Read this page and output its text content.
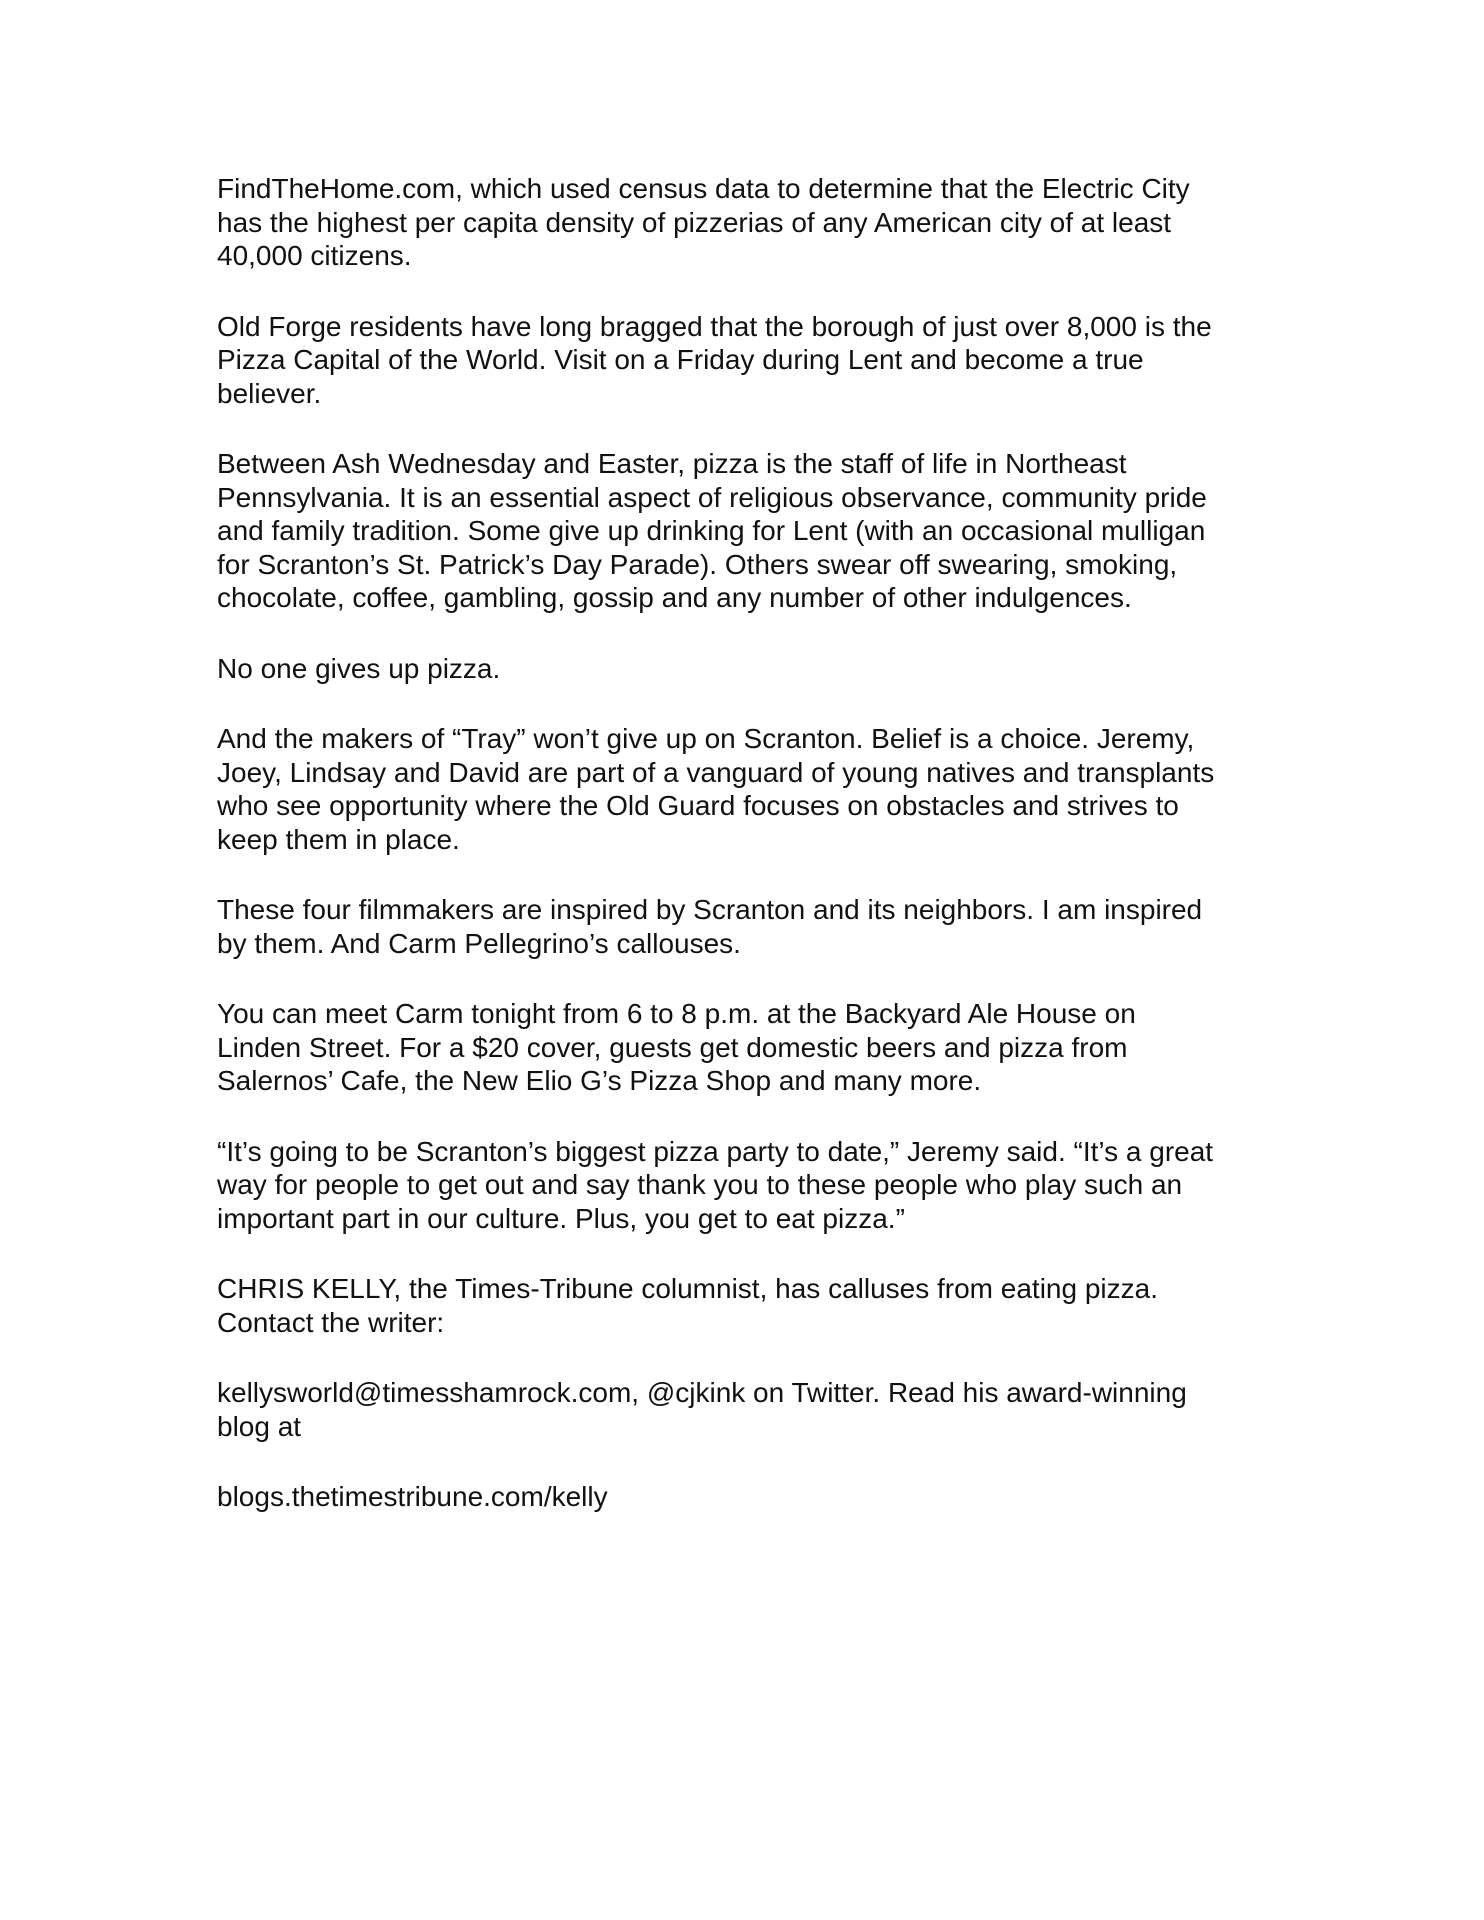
FindTheHome.com, which used census data to determine that the Electric City
has the highest per capita density of pizzerias of any American city of at least
40,000 citizens.

Old Forge residents have long bragged that the borough of just over 8,000 is the
Pizza Capital of the World. Visit on a Friday during Lent and become a true
believer.

Between Ash Wednesday and Easter, pizza is the staff of life in Northeast
Pennsylvania. It is an essential aspect of religious observance, community pride
and family tradition. Some give up drinking for Lent (with an occasional mulligan
for Scranton’s St. Patrick’s Day Parade). Others swear off swearing, smoking,
chocolate, coffee, gambling, gossip and any number of other indulgences.

No one gives up pizza.

And the makers of “Tray” won’t give up on Scranton. Belief is a choice. Jeremy,
Joey, Lindsay and David are part of a vanguard of young natives and transplants
who see opportunity where the Old Guard focuses on obstacles and strives to
keep them in place.

These four filmmakers are inspired by Scranton and its neighbors. I am inspired
by them. And Carm Pellegrino’s callouses.

You can meet Carm tonight from 6 to 8 p.m. at the Backyard Ale House on
Linden Street. For a $20 cover, guests get domestic beers and pizza from
Salernos’ Cafe, the New Elio G’s Pizza Shop and many more.

“It’s going to be Scranton’s biggest pizza party to date,” Jeremy said. “It’s a great
way for people to get out and say thank you to these people who play such an
important part in our culture. Plus, you get to eat pizza.”

CHRIS KELLY, the Times-Tribune columnist, has calluses from eating pizza.
Contact the writer:

kellysworld@timesshamrock.com, @cjkink on Twitter. Read his award-winning
blog at

blogs.thetimestribune.com/kelly
